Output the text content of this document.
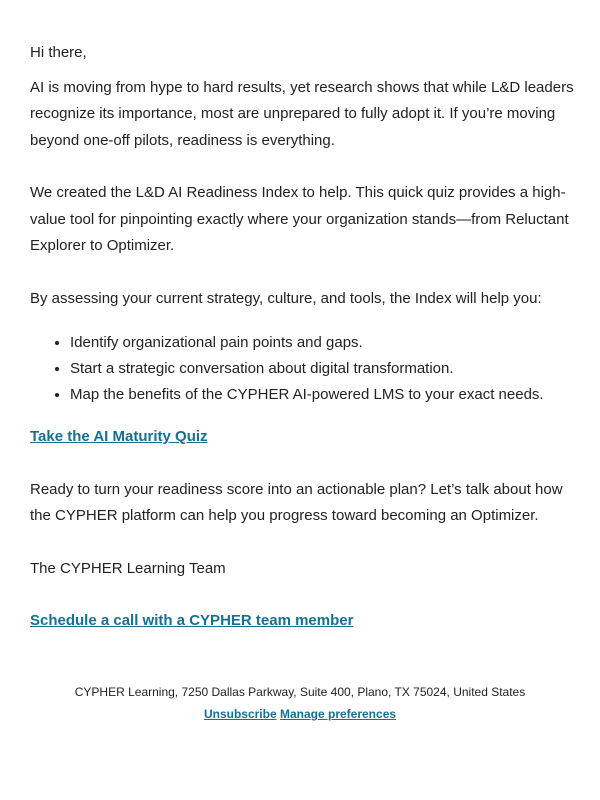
Hi there,

AI is moving from hype to hard results, yet research shows that while L&D leaders recognize its importance, most are unprepared to fully adopt it. If you’re moving beyond one-off pilots, readiness is everything.

We created the L&D AI Readiness Index to help. This quick quiz provides a high-value tool for pinpointing exactly where your organization stands—from Reluctant Explorer to Optimizer.

By assessing your current strategy, culture, and tools, the Index will help you:

• Identify organizational pain points and gaps.
• Start a strategic conversation about digital transformation.
• Map the benefits of the CYPHER AI-powered LMS to your exact needs.

Take the AI Maturity Quiz

Ready to turn your readiness score into an actionable plan? Let’s talk about how the CYPHER platform can help you progress toward becoming an Optimizer.

The CYPHER Learning Team

Schedule a call with a CYPHER team member

CYPHER Learning, 7250 Dallas Parkway, Suite 400, Plano, TX 75024, United States
Unsubscribe Manage preferences
